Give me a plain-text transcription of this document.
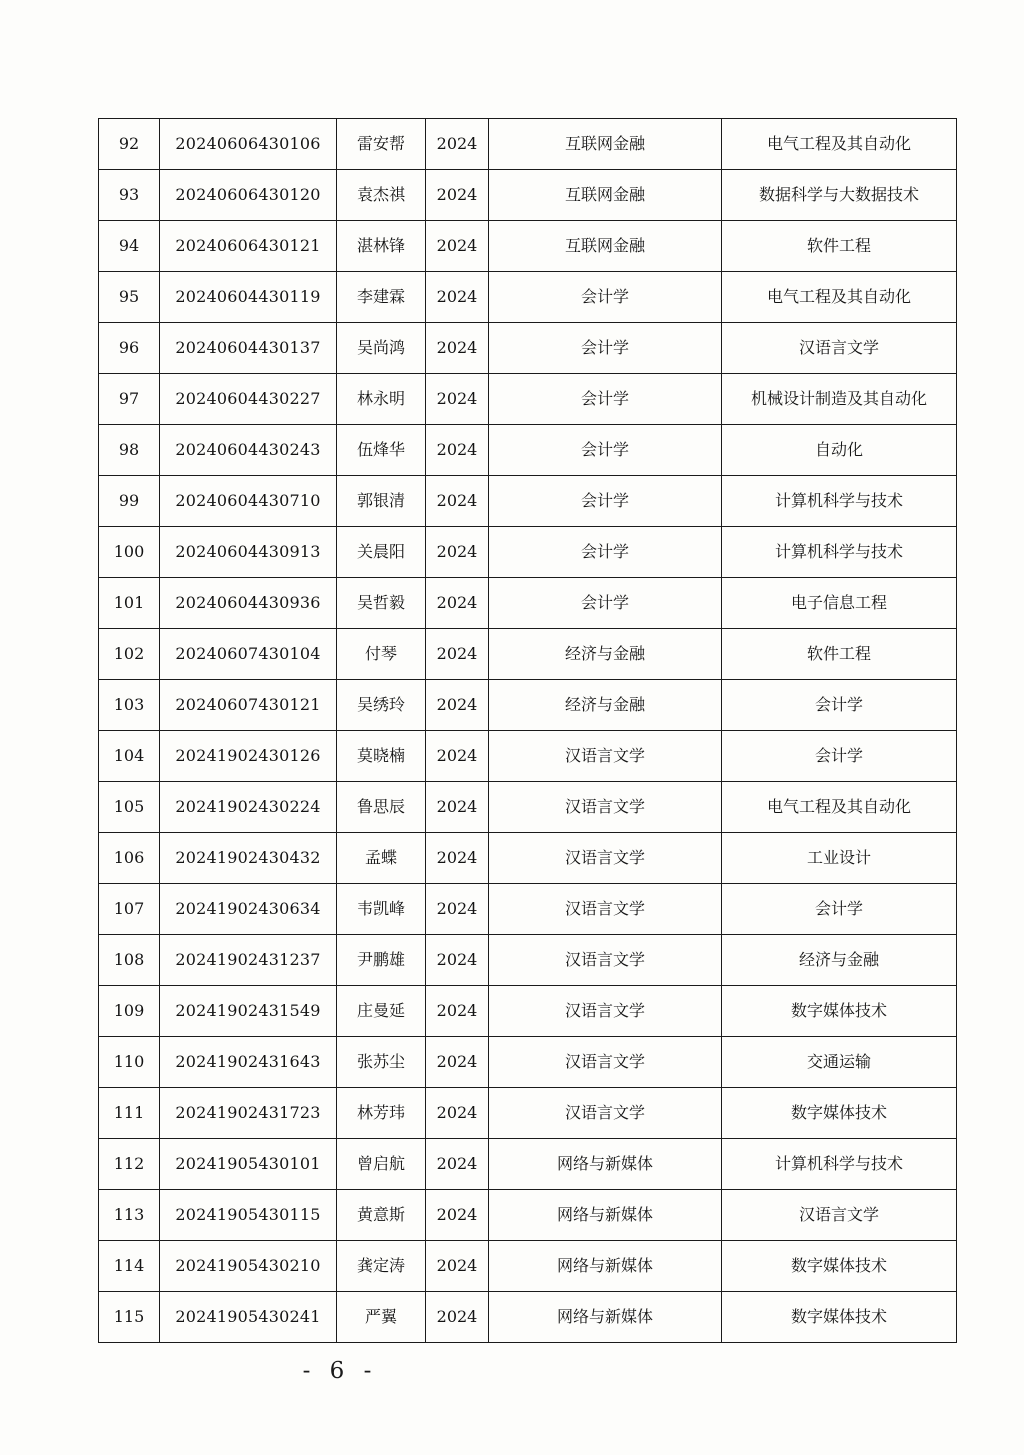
92	20240606430106	雷安帮	2024	互联网金融	电气工程及其自动化
93	20240606430120	袁杰祺	2024	互联网金融	数据科学与大数据技术
94	20240606430121	湛林锋	2024	互联网金融	软件工程
95	20240604430119	李建霖	2024	会计学	电气工程及其自动化
96	20240604430137	吴尚鸿	2024	会计学	汉语言文学
97	20240604430227	林永明	2024	会计学	机械设计制造及其自动化
98	20240604430243	伍烽华	2024	会计学	自动化
99	20240604430710	郭银清	2024	会计学	计算机科学与技术
100	20240604430913	关晨阳	2024	会计学	计算机科学与技术
101	20240604430936	吴哲毅	2024	会计学	电子信息工程
102	20240607430104	付琴	2024	经济与金融	软件工程
103	20240607430121	吴绣玲	2024	经济与金融	会计学
104	20241902430126	莫晓楠	2024	汉语言文学	会计学
105	20241902430224	鲁思辰	2024	汉语言文学	电气工程及其自动化
106	20241902430432	孟蝶	2024	汉语言文学	工业设计
107	20241902430634	韦凯峰	2024	汉语言文学	会计学
108	20241902431237	尹鹏雄	2024	汉语言文学	经济与金融
109	20241902431549	庄曼延	2024	汉语言文学	数字媒体技术
110	20241902431643	张苏尘	2024	汉语言文学	交通运输
111	20241902431723	林芳玮	2024	汉语言文学	数字媒体技术
112	20241905430101	曾启航	2024	网络与新媒体	计算机科学与技术
113	20241905430115	黄意斯	2024	网络与新媒体	汉语言文学
114	20241905430210	龚定涛	2024	网络与新媒体	数字媒体技术
115	20241905430241	严翼	2024	网络与新媒体	数字媒体技术
- 6 -
